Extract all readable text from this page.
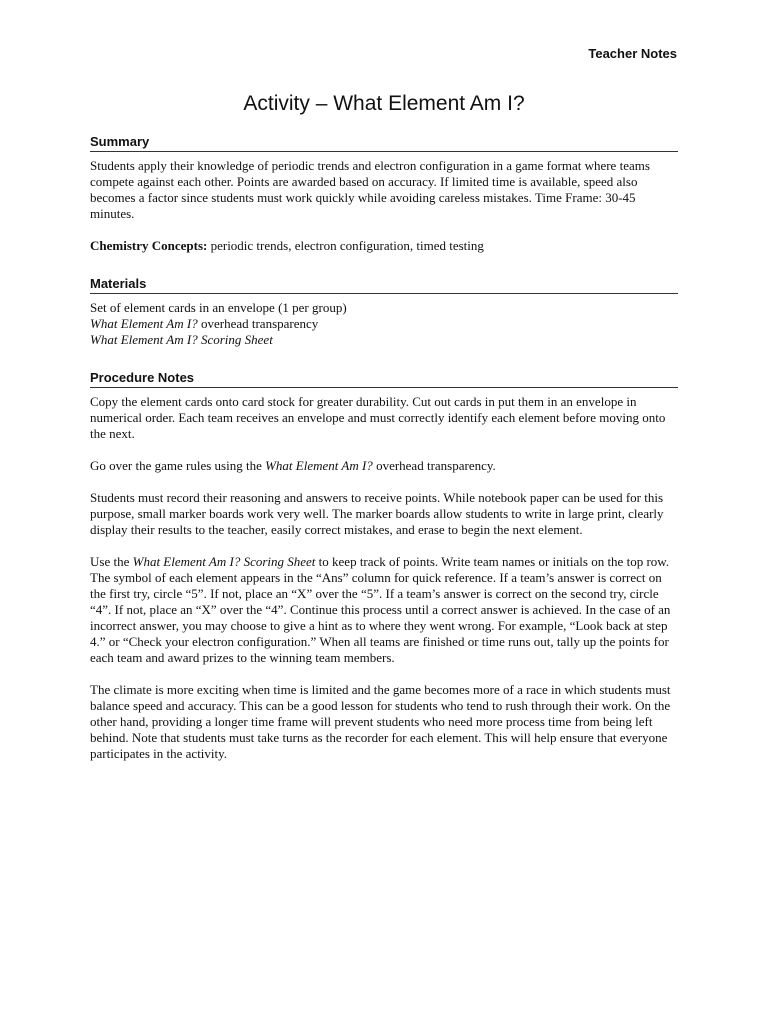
Teacher Notes
Activity – What Element Am I?
Summary

Students apply their knowledge of periodic trends and electron configuration in a game format where teams compete against each other. Points are awarded based on accuracy. If limited time is available, speed also becomes a factor since students must work quickly while avoiding careless mistakes. Time Frame: 30-45 minutes.

Chemistry Concepts: periodic trends, electron configuration, timed testing

Materials
Set of element cards in an envelope (1 per group)
What Element Am I? overhead transparency
What Element Am I? Scoring Sheet
Procedure Notes

Copy the element cards onto card stock for greater durability. Cut out cards in put them in an envelope in numerical order. Each team receives an envelope and must correctly identify each element before moving onto the next.

Go over the game rules using the What Element Am I? overhead transparency.

Students must record their reasoning and answers to receive points. While notebook paper can be used for this purpose, small marker boards work very well. The marker boards allow students to write in large print, clearly display their results to the teacher, easily correct mistakes, and erase to begin the next element.

Use the What Element Am I? Scoring Sheet to keep track of points. Write team names or initials on the top row. The symbol of each element appears in the “Ans” column for quick reference. If a team’s answer is correct on the first try, circle “5”. If not, place an “X” over the “5”. If a team’s answer is correct on the second try, circle “4”. If not, place an “X” over the “4”. Continue this process until a correct answer is achieved. In the case of an incorrect answer, you may choose to give a hint as to where they went wrong. For example, “Look back at step 4.” or “Check your electron configuration.” When all teams are finished or time runs out, tally up the points for each team and award prizes to the winning team members.

The climate is more exciting when time is limited and the game becomes more of a race in which students must balance speed and accuracy. This can be a good lesson for students who tend to rush through their work. On the other hand, providing a longer time frame will prevent students who need more process time from being left behind. Note that students must take turns as the recorder for each element. This will help ensure that everyone participates in the activity.
